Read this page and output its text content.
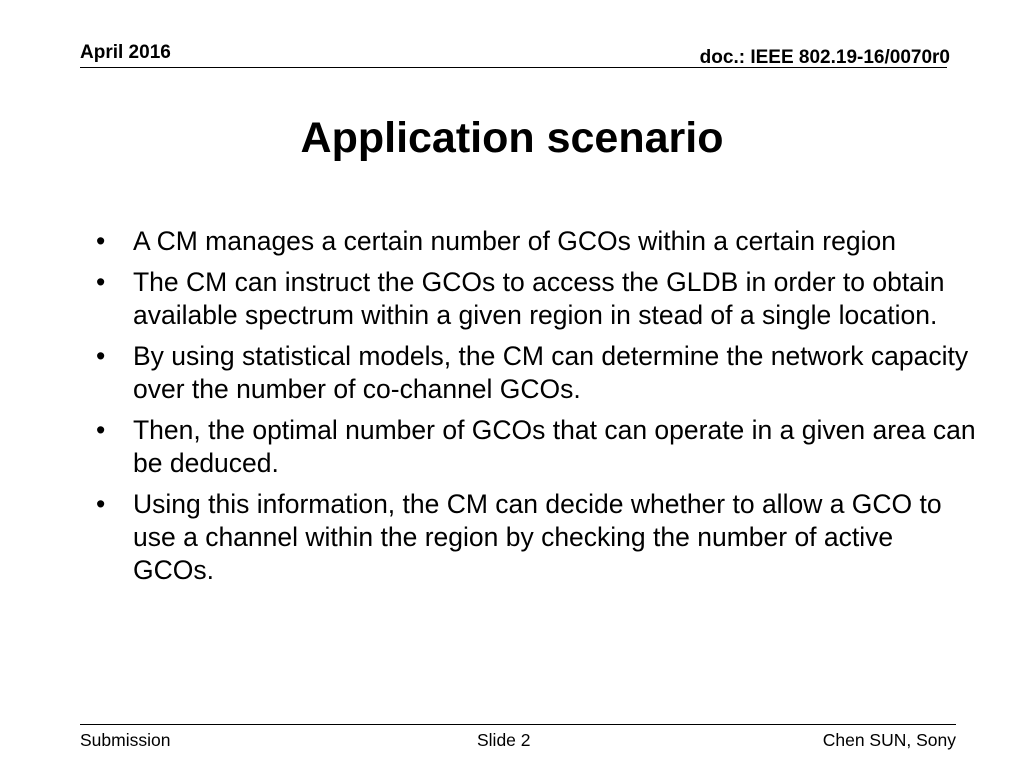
April 2016	doc.: IEEE 802.19-16/0070r0
Application scenario
•	A CM manages a certain number of GCOs within a certain region
•	The CM can instruct the GCOs to access the GLDB in order to obtain available spectrum within a given region in stead of a single location.
•	By using statistical models, the CM can determine the network capacity over the number of co-channel GCOs.
•	Then, the optimal number of GCOs that can operate in a given area can be deduced.
•	Using this information, the CM can decide whether to allow a GCO to use a channel within the region by checking the number of active GCOs.
Submission	Slide 2	Chen SUN, Sony
